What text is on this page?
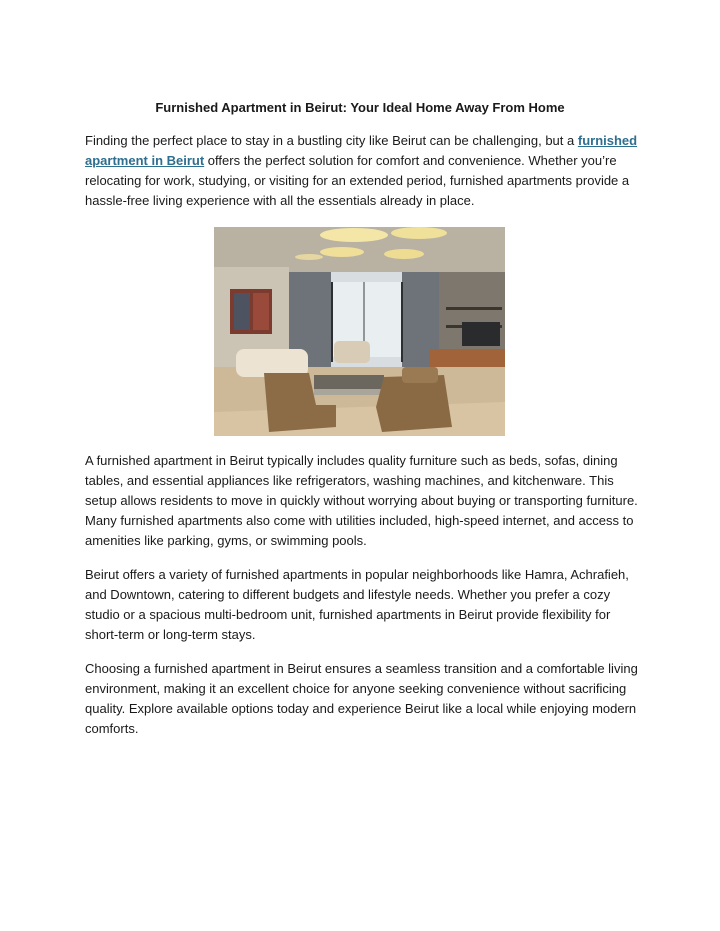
Furnished Apartment in Beirut: Your Ideal Home Away From Home

Finding the perfect place to stay in a bustling city like Beirut can be challenging, but a furnished apartment in Beirut offers the perfect solution for comfort and convenience. Whether you’re relocating for work, studying, or visiting for an extended period, furnished apartments provide a hassle-free living experience with all the essentials already in place.

A furnished apartment in Beirut typically includes quality furniture such as beds, sofas, dining tables, and essential appliances like refrigerators, washing machines, and kitchenware. This setup allows residents to move in quickly without worrying about buying or transporting furniture. Many furnished apartments also come with utilities included, high-speed internet, and access to amenities like parking, gyms, or swimming pools.

Beirut offers a variety of furnished apartments in popular neighborhoods like Hamra, Achrafieh, and Downtown, catering to different budgets and lifestyle needs. Whether you prefer a cozy studio or a spacious multi-bedroom unit, furnished apartments in Beirut provide flexibility for short-term or long-term stays.

Choosing a furnished apartment in Beirut ensures a seamless transition and a comfortable living environment, making it an excellent choice for anyone seeking convenience without sacrificing quality. Explore available options today and experience Beirut like a local while enjoying modern comforts.
